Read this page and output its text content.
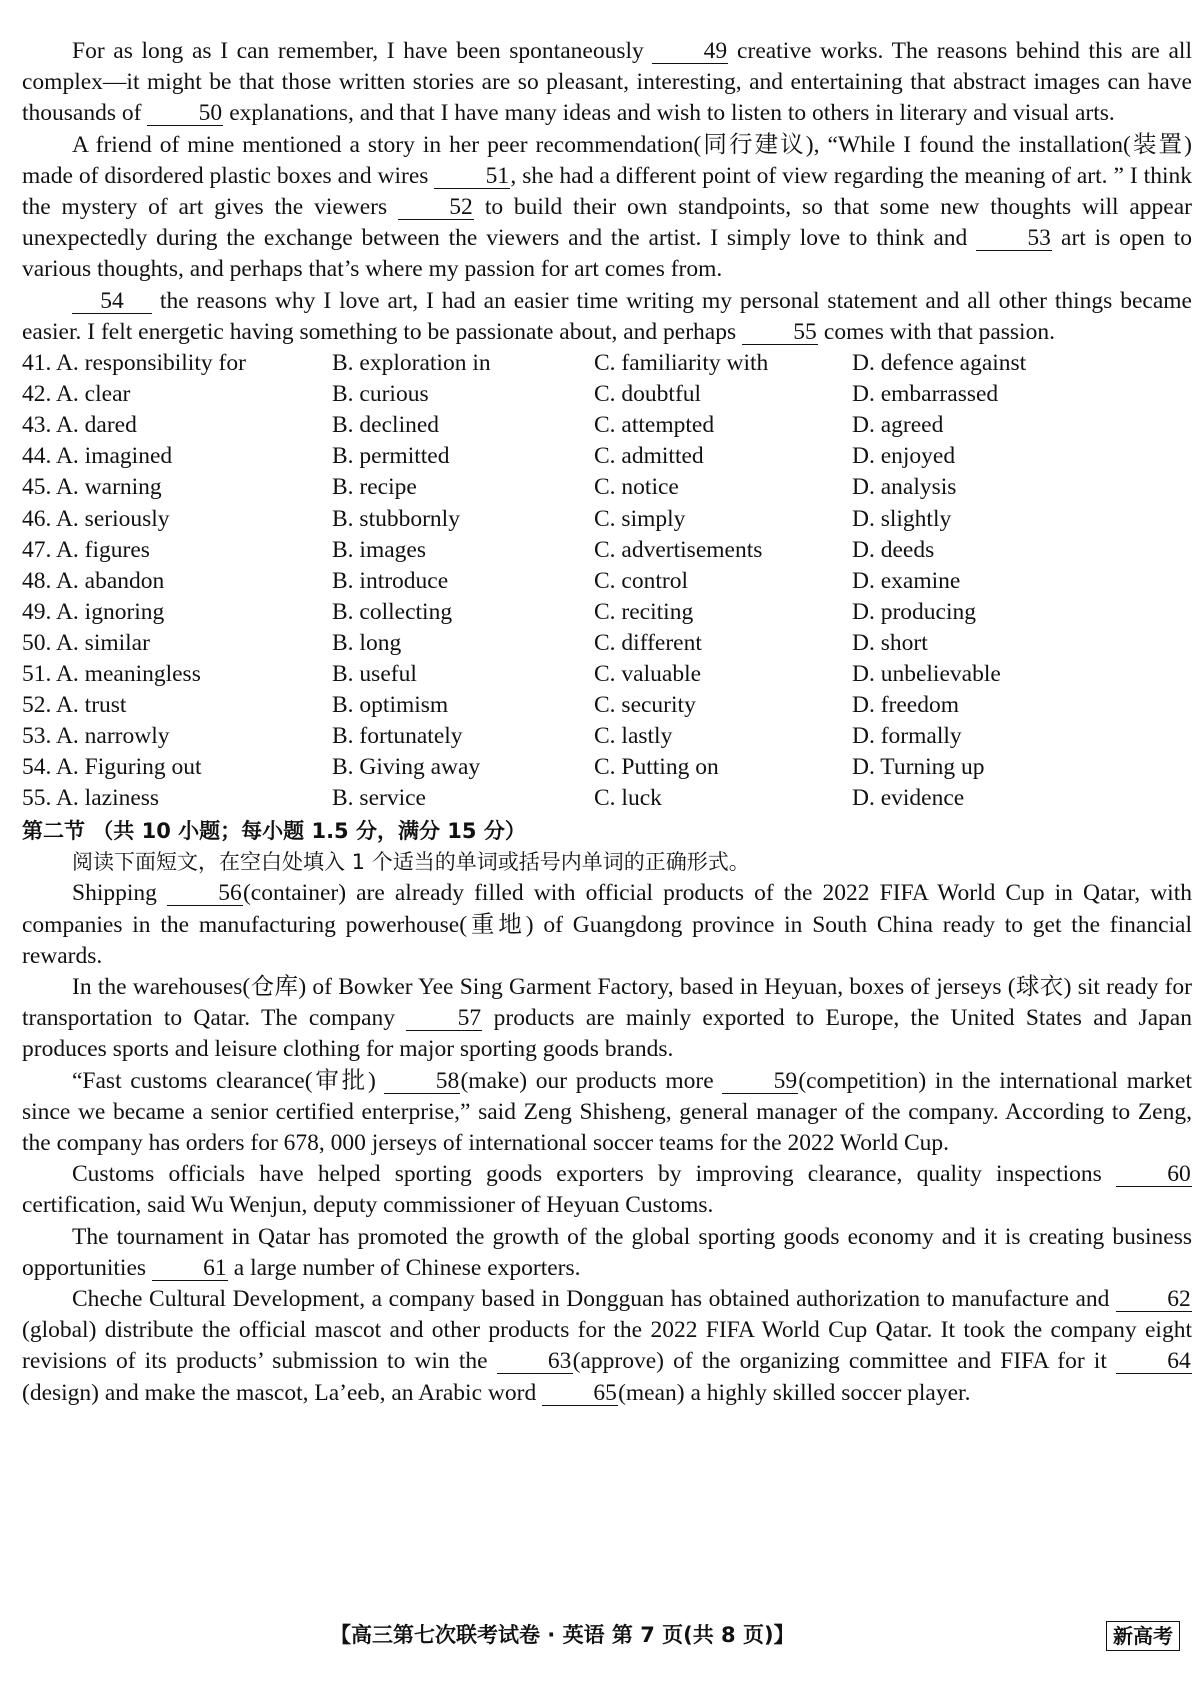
For as long as I can remember, I have been spontaneously 49 creative works. The reasons behind this are all complex—it might be that those written stories are so pleasant, interesting, and entertaining that abstract images can have thousands of 50 explanations, and that I have many ideas and wish to listen to others in literary and visual arts.

A friend of mine mentioned a story in her peer recommendation(同行建议), “While I found the installation(装置) made of disordered plastic boxes and wires 51, she had a different point of view regarding the meaning of art. ” I think the mystery of art gives the viewers 52 to build their own standpoints, so that some new thoughts will appear unexpectedly during the exchange between the viewers and the artist. I simply love to think and 53 art is open to various thoughts, and perhaps that’s where my passion for art comes from.

54 the reasons why I love art, I had an easier time writing my personal statement and all other things became easier. I felt energetic having something to be passionate about, and perhaps 55 comes with that passion.

41. A. responsibility for	B. exploration in	C. familiarity with	D. defence against
42. A. clear	B. curious	C. doubtful	D. embarrassed
43. A. dared	B. declined	C. attempted	D. agreed
44. A. imagined	B. permitted	C. admitted	D. enjoyed
45. A. warning	B. recipe	C. notice	D. analysis
46. A. seriously	B. stubbornly	C. simply	D. slightly
47. A. figures	B. images	C. advertisements	D. deeds
48. A. abandon	B. introduce	C. control	D. examine
49. A. ignoring	B. collecting	C. reciting	D. producing
50. A. similar	B. long	C. different	D. short
51. A. meaningless	B. useful	C. valuable	D. unbelievable
52. A. trust	B. optimism	C. security	D. freedom
53. A. narrowly	B. fortunately	C. lastly	D. formally
54. A. Figuring out	B. Giving away	C. Putting on	D. Turning up
55. A. laziness	B. service	C. luck	D. evidence
第二节 （共 10 小题；每小题 1.5 分，满分 15 分）
阅读下面短文，在空白处填入 1 个适当的单词或括号内单词的正确形式。

Shipping 56(container) are already filled with official products of the 2022 FIFA World Cup in Qatar, with companies in the manufacturing powerhouse(重地) of Guangdong province in South China ready to get the financial rewards.

In the warehouses(仓库) of Bowker Yee Sing Garment Factory, based in Heyuan, boxes of jerseys (球衣) sit ready for transportation to Qatar. The company 57 products are mainly exported to Europe, the United States and Japan produces sports and leisure clothing for major sporting goods brands.

“Fast customs clearance(审批) 58(make) our products more 59(competition) in the international market since we became a senior certified enterprise,” said Zeng Shisheng, general manager of the company. According to Zeng, the company has orders for 678, 000 jerseys of international soccer teams for the 2022 World Cup.

Customs officials have helped sporting goods exporters by improving clearance, quality inspections 60 certification, said Wu Wenjun, deputy commissioner of Heyuan Customs.

The tournament in Qatar has promoted the growth of the global sporting goods economy and it is creating business opportunities 61 a large number of Chinese exporters.

Cheche Cultural Development, a company based in Dongguan has obtained authorization to manufacture and 62(global) distribute the official mascot and other products for the 2022 FIFA World Cup Qatar. It took the company eight revisions of its products’ submission to win the 63(approve) of the organizing committee and FIFA for it 64(design) and make the mascot, La’eeb, an Arabic word 65(mean) a highly skilled soccer player.

【高三第七次联考试卷 · 英语 第 7 页(共 8 页)】	新高考
